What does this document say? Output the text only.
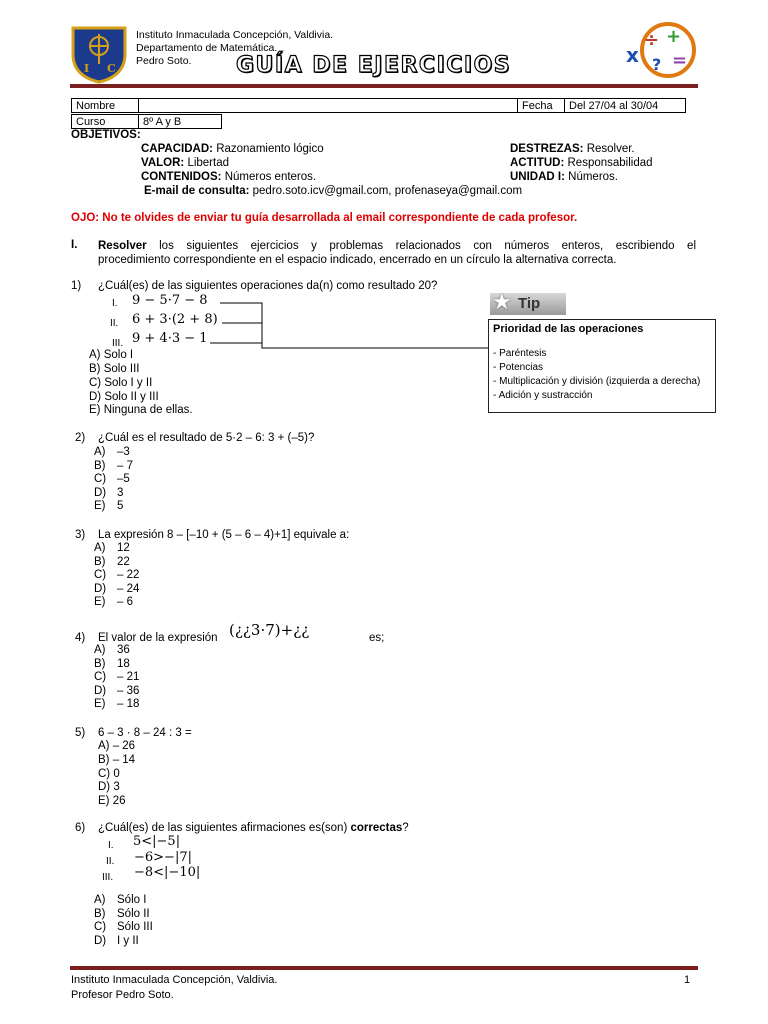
I C
Instituto Inmaculada Concepción, Valdivia.
Departamento de Matemática.
Pedro Soto. GUÍA DE EJERCICIOS	x
÷ +
=
?
Nombre		Fecha	Del 27/04 al 30/04
Curso	8º A y B
OBJETIVOS:
CAPACIDAD: Razonamiento lógico	DESTREZAS: Resolver.
VALOR: Libertad	ACTITUD: Responsabilidad
CONTENIDOS: Números enteros.	UNIDAD I: Números.
E-mail de consulta: pedro.soto.icv@gmail.com, profenaseya@gmail.com
OJO: No te olvides de enviar tu guía desarrollada al email correspondiente de cada profesor.
I. Resolver los siguientes ejercicios y problemas relacionados con números enteros, escribiendo el
procedimiento correspondiente en el espacio indicado, encerrado en un círculo la alternativa correcta.
1) ¿Cuál(es) de las siguientes operaciones da(n) como resultado 20?
I. 9 − 5·7 − 8
II. 6 + 3·(2 + 8)
III. 9 + 4·3 − 1
A) Solo I
B) Solo III
C) Solo I y II
D) Solo II y III
E) Ninguna de ellas.
★ Tip
Prioridad de las operaciones
- Paréntesis
- Potencias
- Multiplicación y división (izquierda a derecha)
- Adición y sustracción
2) ¿Cuál es el resultado de 5·2 – 6: 3 + (–5)?
A) –3
B) – 7
C) –5
D) 3
E) 5
3) La expresión 8 – [–10 + (5 – 6 – 4)+1] equivale a:
A) 12
B) 22
C) – 22
D) – 24
E) – 6
4) El valor de la expresión (¿¿3·7)+¿¿	es;
A) 36
B) 18
C) – 21
D) – 36
E) – 18
5) 6 – 3 · 8 – 24 : 3 =
A) – 26
B) – 14
C) 0
D) 3
E) 26
6) ¿Cuál(es) de las siguientes afirmaciones es(son) correctas?
I. 5<|−5|
II. −6>−|7|
III. −8<|−10|
A) Sólo I
B) Sólo II
C) Sólo III
D) I y II
Instituto Inmaculada Concepción, Valdivia.
Profesor Pedro Soto.
1
